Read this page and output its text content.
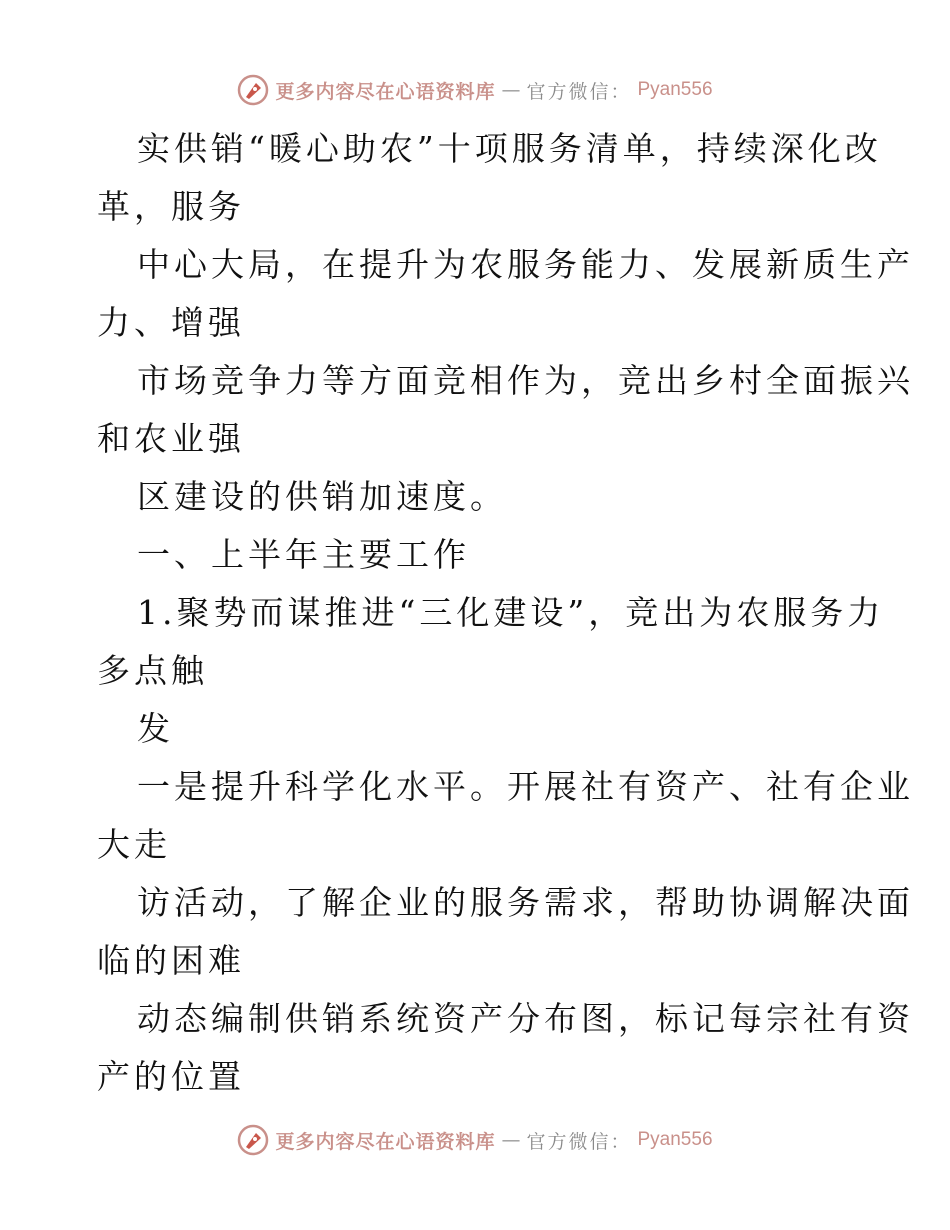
更多内容尽在心语资料库 — 官方微信： Pyan556
实供销“暖心助农”十项服务清单，持续深化改
革，服务
中心大局，在提升为农服务能力、发展新质生产
力、增强
市场竞争力等方面竞相作为，竞出乡村全面振兴
和农业强
区建设的供销加速度。
一、上半年主要工作
1.聚势而谋推进“三化建设”，竞出为农服务力
多点触
发
一是提升科学化水平。开展社有资产、社有企业
大走
访活动，了解企业的服务需求，帮助协调解决面
临的困难
动态编制供销系统资产分布图，标记每宗社有资
产的位置
更多内容尽在心语资料库 — 官方微信： Pyan556
